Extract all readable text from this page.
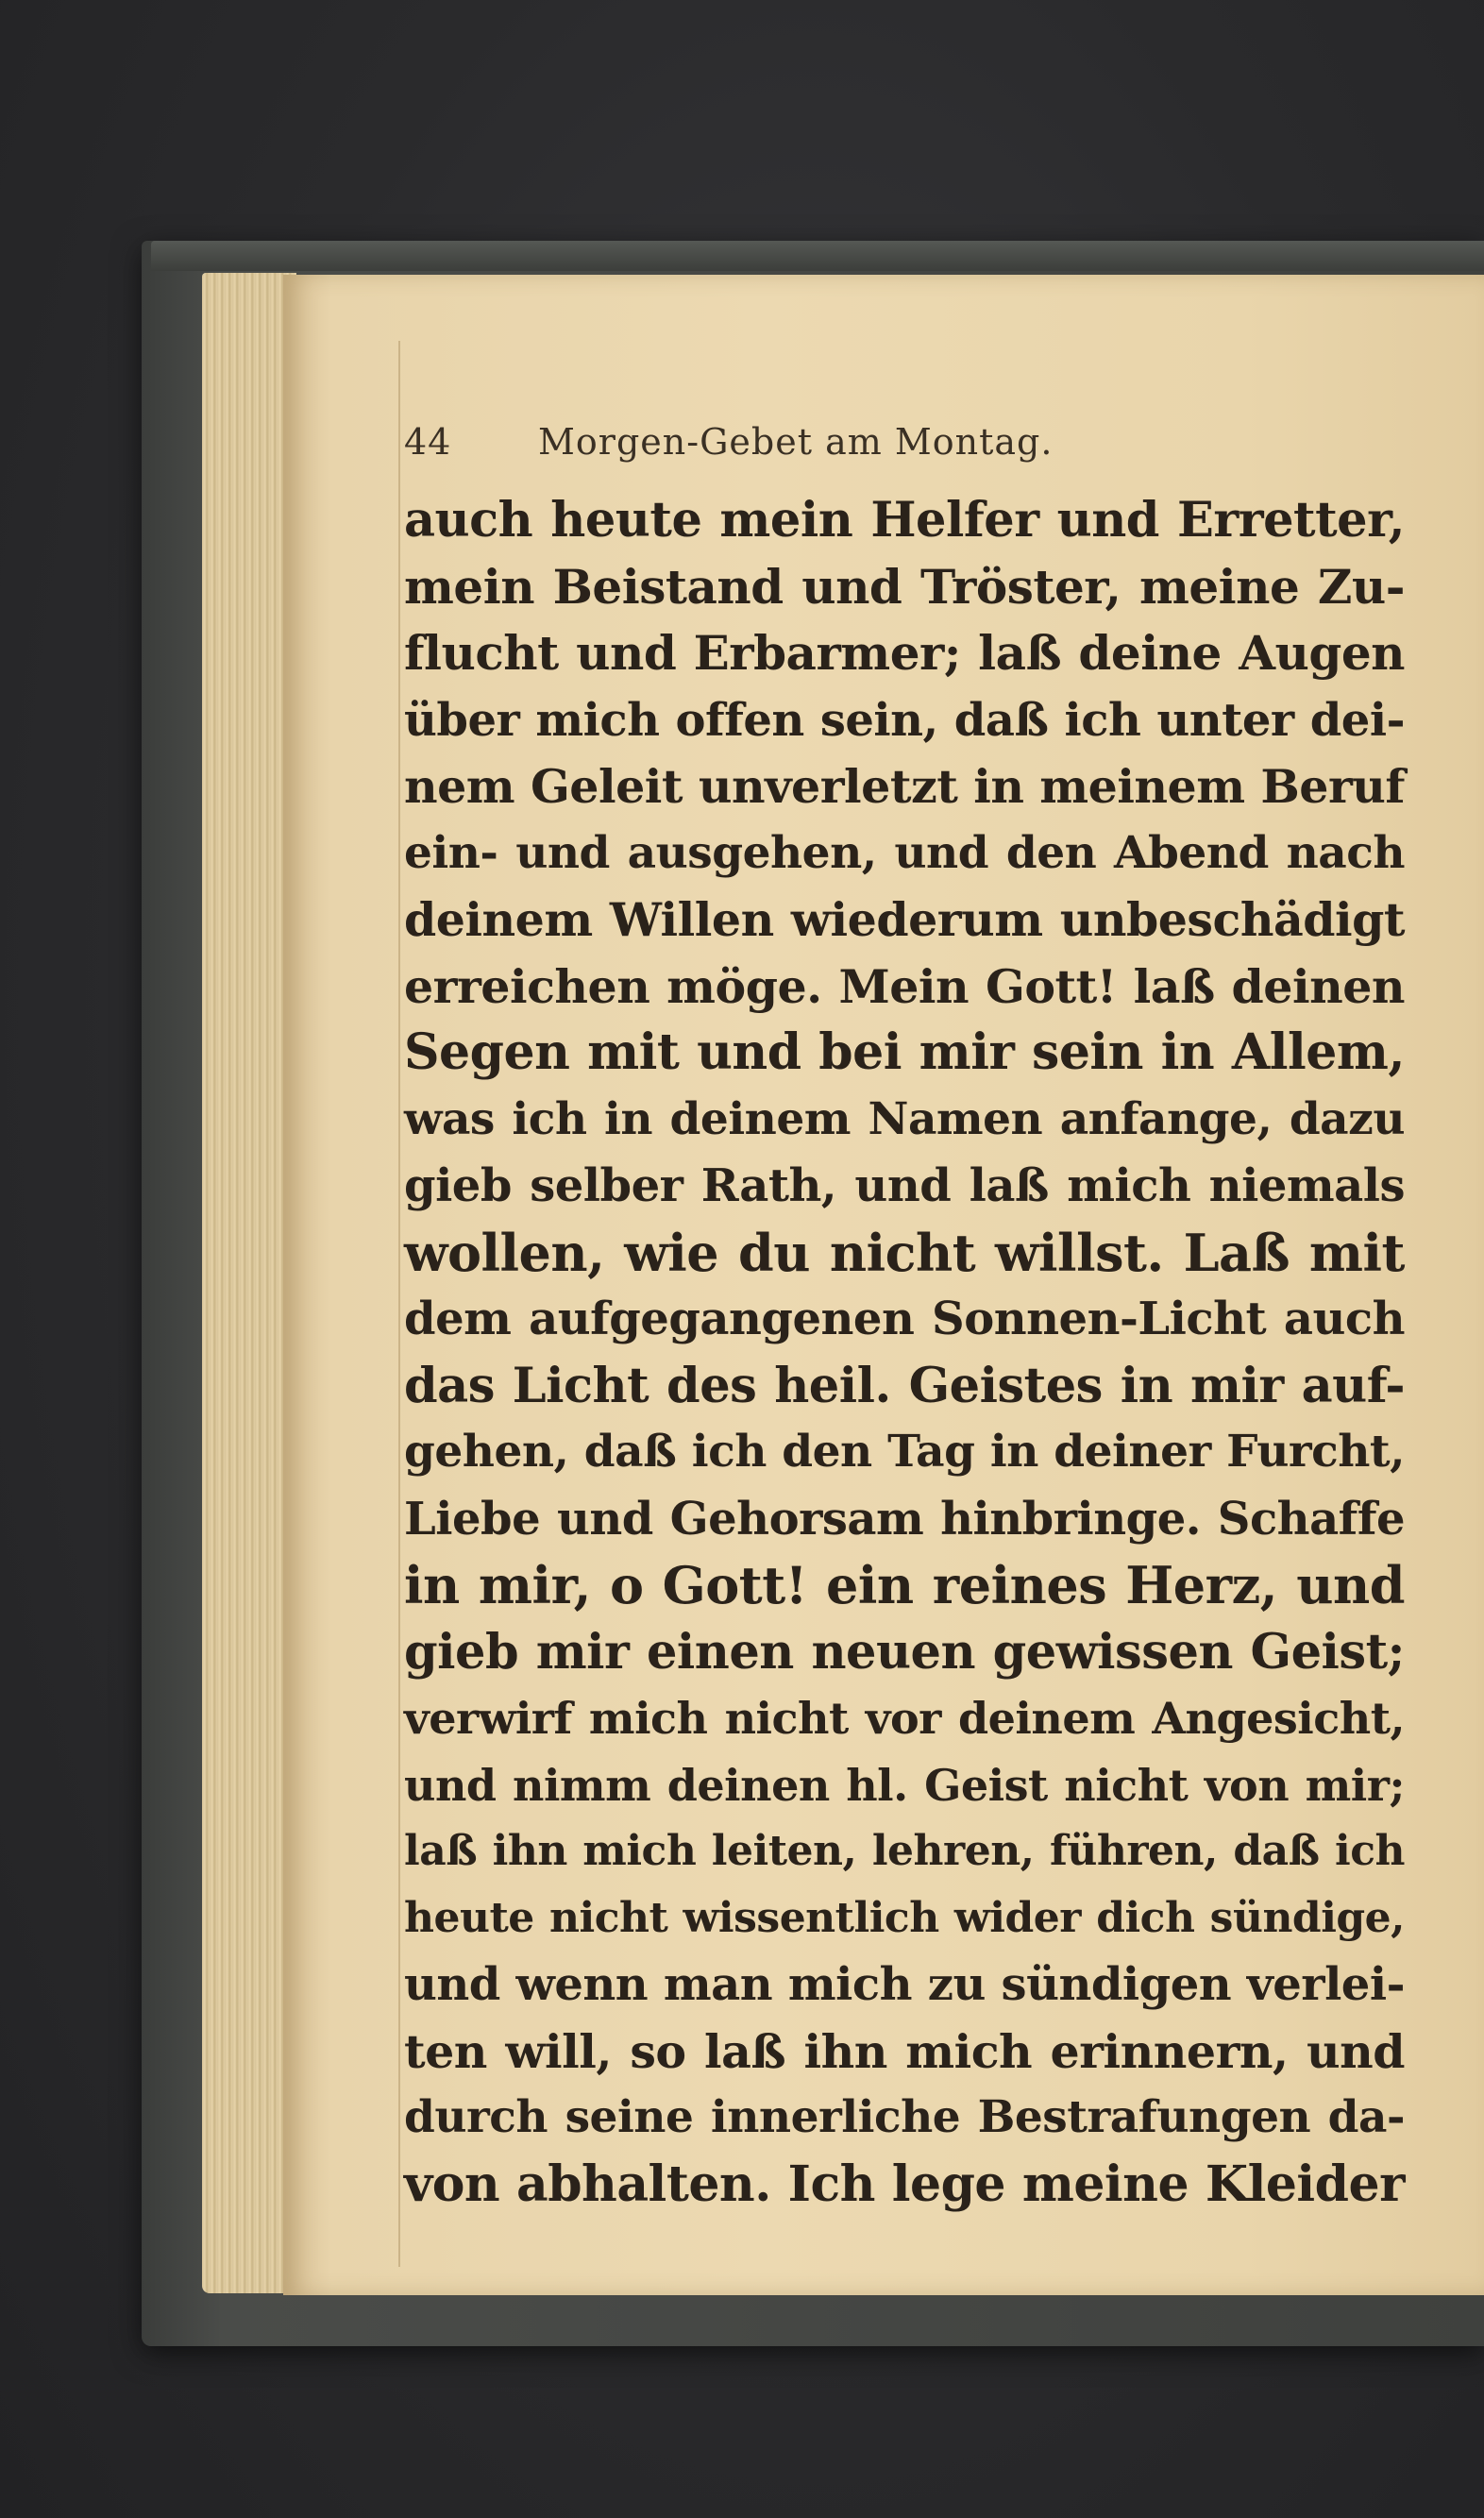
44 Morgen-Gebet am Montag.
auch heute mein Helfer und Erretter,
mein Beistand und Tröster, meine Zu-
flucht und Erbarmer; laß deine Augen
über mich offen sein, daß ich unter dei-
nem Geleit unverletzt in meinem Beruf
ein- und ausgehen, und den Abend nach
deinem Willen wiederum unbeschädigt
erreichen möge. Mein Gott! laß deinen
Segen mit und bei mir sein in Allem,
was ich in deinem Namen anfange, dazu
gieb selber Rath, und laß mich niemals
wollen, wie du nicht willst. Laß mit
dem aufgegangenen Sonnen-Licht auch
das Licht des heil. Geistes in mir auf-
gehen, daß ich den Tag in deiner Furcht,
Liebe und Gehorsam hinbringe. Schaffe
in mir, o Gott! ein reines Herz, und
gieb mir einen neuen gewissen Geist;
verwirf mich nicht vor deinem Angesicht,
und nimm deinen hl. Geist nicht von mir;
laß ihn mich leiten, lehren, führen, daß ich
heute nicht wissentlich wider dich sündige,
und wenn man mich zu sündigen verlei-
ten will, so laß ihn mich erinnern, und
durch seine innerliche Bestrafungen da-
von abhalten. Ich lege meine Kleider
